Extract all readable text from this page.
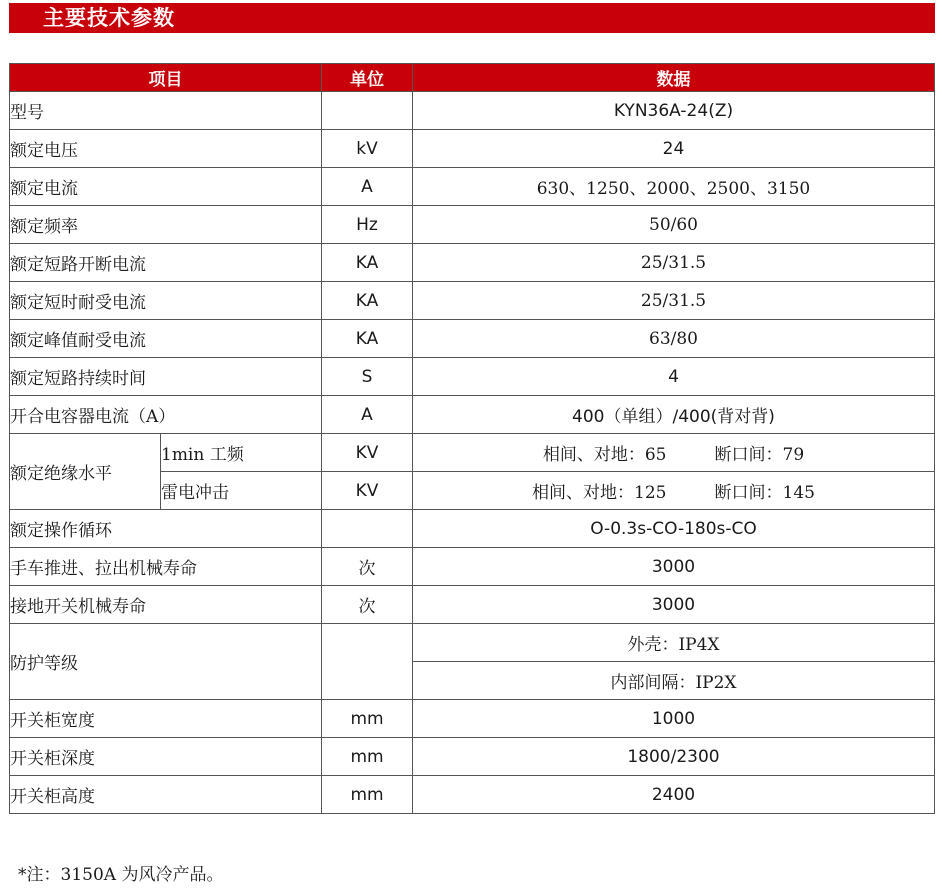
主要技术参数
项目		单位	数据
型号			KYN36A-24(Z)
额定电压		kV	24
额定电流		A	630、1250、2000、2500、3150
额定频率		Hz	50/60
额定短路开断电流		KA	25/31.5
额定短时耐受电流		KA	25/31.5
额定峰值耐受电流		KA	63/80
额定短路持续时间		S	4
开合电容器电流（A）		A	400（单组）/400(背对背)
额定绝缘水平	1min 工频	KV	相间、对地：65 断口间：79
	雷电冲击	KV	相间、对地：125 断口间：145
额定操作循环			O-0.3s-CO-180s-CO
手车推进、拉出机械寿命		次	3000
接地开关机械寿命		次	3000
防护等级			外壳：IP4X
			内部间隔：IP2X
开关柜宽度		mm	1000
开关柜深度		mm	1800/2300
开关柜高度		mm	2400
*注：3150A 为风冷产品。
